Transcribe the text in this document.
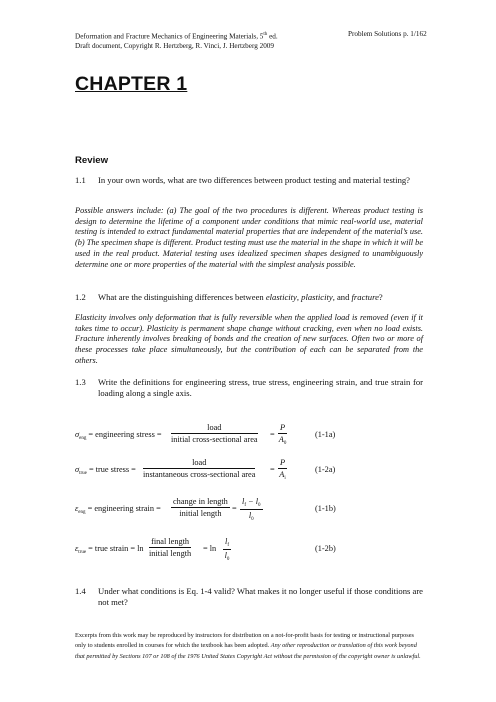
Deformation and Fracture Mechanics of Engineering Materials, 5th ed.
Draft document, Copyright R. Hertzberg, R. Vinci, J. Hertzberg 2009
Problem Solutions p. 1/162
CHAPTER 1
Review
1.1 In your own words, what are two differences between product testing and material testing?
Possible answers include: (a) The goal of the two procedures is different. Whereas product testing is design to determine the lifetime of a component under conditions that mimic real-world use, material testing is intended to extract fundamental material properties that are independent of the material’s use. (b) The specimen shape is different. Product testing must use the material in the shape in which it will be used in the real product. Material testing uses idealized specimen shapes designed to unambiguously determine one or more properties of the material with the simplest analysis possible.
1.2 What are the distinguishing differences between elasticity, plasticity, and fracture?
Elasticity involves only deformation that is fully reversible when the applied load is removed (even if it takes time to occur). Plasticity is permanent shape change without cracking, even when no load exists. Fracture inherently involves breaking of bonds and the creation of new surfaces. Often two or more of these processes take place simultaneously, but the contribution of each can be separated from the others.
1.3 Write the definitions for engineering stress, true stress, engineering strain, and true strain for loading along a single axis.
$\sigma_{eng}$ = engineering stress =
load
initial cross-sectional area
= $\frac{P}{A_0}$	(1-1a)
$\sigma_{true}$ = true stress =
load
instantaneous cross-sectional area
= $\frac{P}{A_i}$	(1-2a)
$\varepsilon_{eng}$ = engineering strain =
change in length
initial length
= $\frac{l_f - l_0}{l_0}$	(1-1b)
$\varepsilon_{true}$ = true strain = ln
final length
initial length
= $\ln \frac{l_f}{l_0}$	(1-2b)
1.4 Under what conditions is Eq. 1-4 valid? What makes it no longer useful if those conditions are not met?
Excerpts from this work may be reproduced by instructors for distribution on a not-for-profit basis for testing or instructional purposes only to students enrolled in courses for which the textbook has been adopted. Any other reproduction or translation of this work beyond that permitted by Sections 107 or 108 of the 1976 United States Copyright Act without the permission of the copyright owner is unlawful.
